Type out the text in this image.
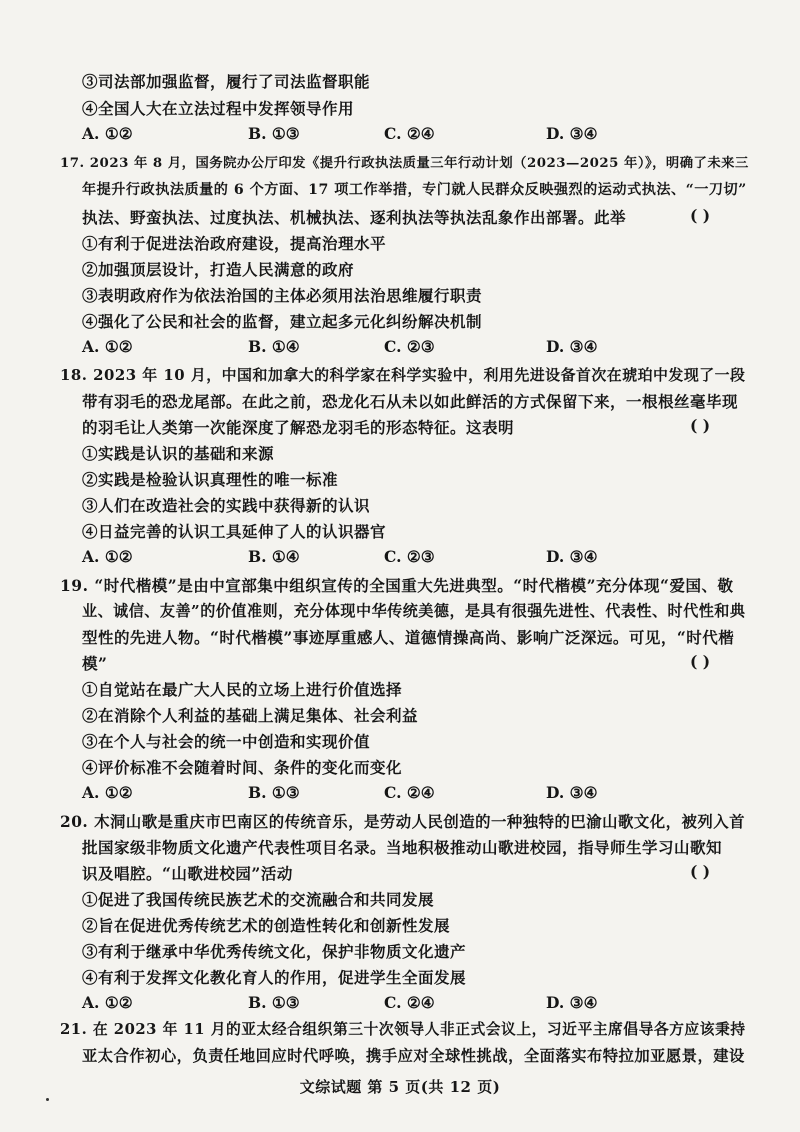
③司法部加强监督，履行了司法监督职能
④全国人大在立法过程中发挥领导作用
A. ①②	B. ①③	C. ②④	D. ③④
17. 2023 年 8 月，国务院办公厅印发《提升行政执法质量三年行动计划（2023—2025 年）》，明确了未来三
年提升行政执法质量的 6 个方面、17 项工作举措，专门就人民群众反映强烈的运动式执法、“一刀切”
执法、野蛮执法、过度执法、机械执法、逐利执法等执法乱象作出部署。此举	( )
①有利于促进法治政府建设，提高治理水平
②加强顶层设计，打造人民满意的政府
③表明政府作为依法治国的主体必须用法治思维履行职责
④强化了公民和社会的监督，建立起多元化纠纷解决机制
A. ①②	B. ①④	C. ②③	D. ③④
18. 2023 年 10 月，中国和加拿大的科学家在科学实验中，利用先进设备首次在琥珀中发现了一段
带有羽毛的恐龙尾部。在此之前，恐龙化石从未以如此鲜活的方式保留下来，一根根丝毫毕现
的羽毛让人类第一次能深度了解恐龙羽毛的形态特征。这表明	( )
①实践是认识的基础和来源
②实践是检验认识真理性的唯一标准
③人们在改造社会的实践中获得新的认识
④日益完善的认识工具延伸了人的认识器官
A. ①②	B. ①④	C. ②③	D. ③④
19. “时代楷模”是由中宣部集中组织宣传的全国重大先进典型。“时代楷模”充分体现“爱国、敬
业、诚信、友善”的价值准则，充分体现中华传统美德，是具有很强先进性、代表性、时代性和典
型性的先进人物。“时代楷模”事迹厚重感人、道德情操高尚、影响广泛深远。可见，“时代楷
模”	( )
①自觉站在最广大人民的立场上进行价值选择
②在消除个人利益的基础上满足集体、社会利益
③在个人与社会的统一中创造和实现价值
④评价标准不会随着时间、条件的变化而变化
A. ①②	B. ①③	C. ②④	D. ③④
20. 木洞山歌是重庆市巴南区的传统音乐，是劳动人民创造的一种独特的巴渝山歌文化，被列入首
批国家级非物质文化遗产代表性项目名录。当地积极推动山歌进校园，指导师生学习山歌知
识及唱腔。“山歌进校园”活动	( )
①促进了我国传统民族艺术的交流融合和共同发展
②旨在促进优秀传统艺术的创造性转化和创新性发展
③有利于继承中华优秀传统文化，保护非物质文化遗产
④有利于发挥文化教化育人的作用，促进学生全面发展
A. ①②	B. ①③	C. ②④	D. ③④
21. 在 2023 年 11 月的亚太经合组织第三十次领导人非正式会议上，习近平主席倡导各方应该秉持
亚太合作初心，负责任地回应时代呼唤，携手应对全球性挑战，全面落实布特拉加亚愿景，建设
文综试题 第 5 页(共 12 页)
